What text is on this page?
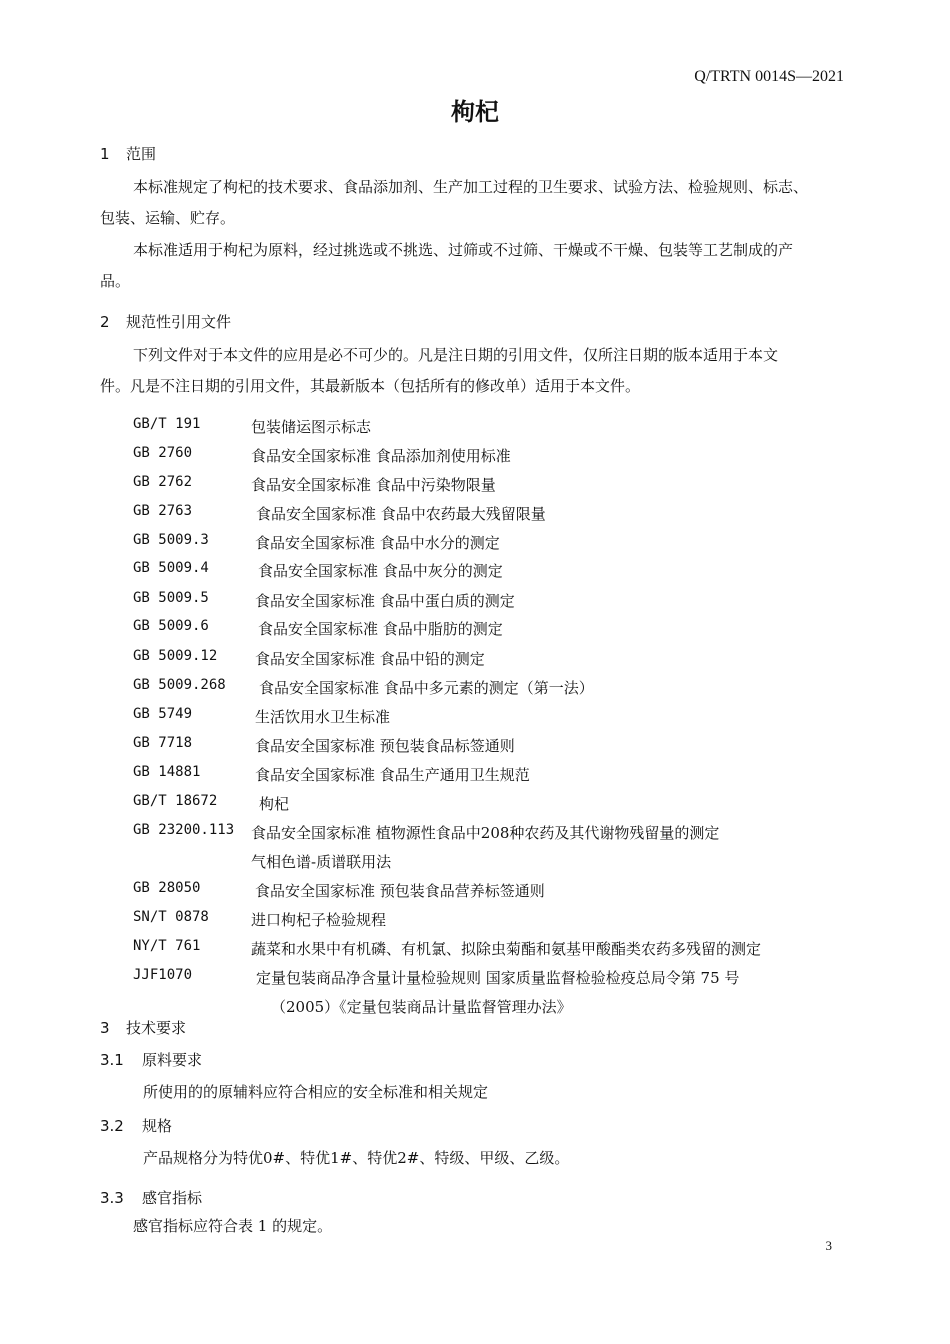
Q/TRTN 0014S—2021
枸杞
1 范围
本标准规定了枸杞的技术要求、食品添加剂、生产加工过程的卫生要求、试验方法、检验规则、标志、
包装、运输、贮存。
本标准适用于枸杞为原料，经过挑选或不挑选、过筛或不过筛、干燥或不干燥、包装等工艺制成的产
品。
2 规范性引用文件
下列文件对于本文件的应用是必不可少的。凡是注日期的引用文件，仅所注日期的版本适用于本文
件。凡是不注日期的引用文件，其最新版本（包括所有的修改单）适用于本文件。
GB/T 191	包装储运图示标志
GB 2760	食品安全国家标准 食品添加剂使用标准
GB 2762	食品安全国家标准 食品中污染物限量
GB 2763	食品安全国家标准 食品中农药最大残留限量
GB 5009.3	食品安全国家标准 食品中水分的测定
GB 5009.4	食品安全国家标准 食品中灰分的测定
GB 5009.5	食品安全国家标准 食品中蛋白质的测定
GB 5009.6	食品安全国家标准 食品中脂肪的测定
GB 5009.12	食品安全国家标准 食品中铅的测定
GB 5009.268 食品安全国家标准 食品中多元素的测定（第一法）
GB 5749	生活饮用水卫生标准
GB 7718	食品安全国家标准 预包装食品标签通则
GB 14881	食品安全国家标准 食品生产通用卫生规范
GB/T 18672	枸杞
GB 23200.113 食品安全国家标准 植物源性食品中208种农药及其代谢物残留量的测定
气相色谱-质谱联用法
GB 28050	食品安全国家标准 预包装食品营养标签通则
SN/T 0878	进口枸杞子检验规程
NY/T 761	蔬菜和水果中有机磷、有机氯、拟除虫菊酯和氨基甲酸酯类农药多残留的测定
JJF1070	定量包装商品净含量计量检验规则 国家质量监督检验检疫总局令第 75 号
（2005）《定量包装商品计量监督管理办法》
3 技术要求
3.1 原料要求
所使用的的原辅料应符合相应的安全标准和相关规定
3.2 规格
产品规格分为特优0#、特优1#、特优2#、特级、甲级、乙级。
3.3 感官指标
感官指标应符合表 1 的规定。
3
